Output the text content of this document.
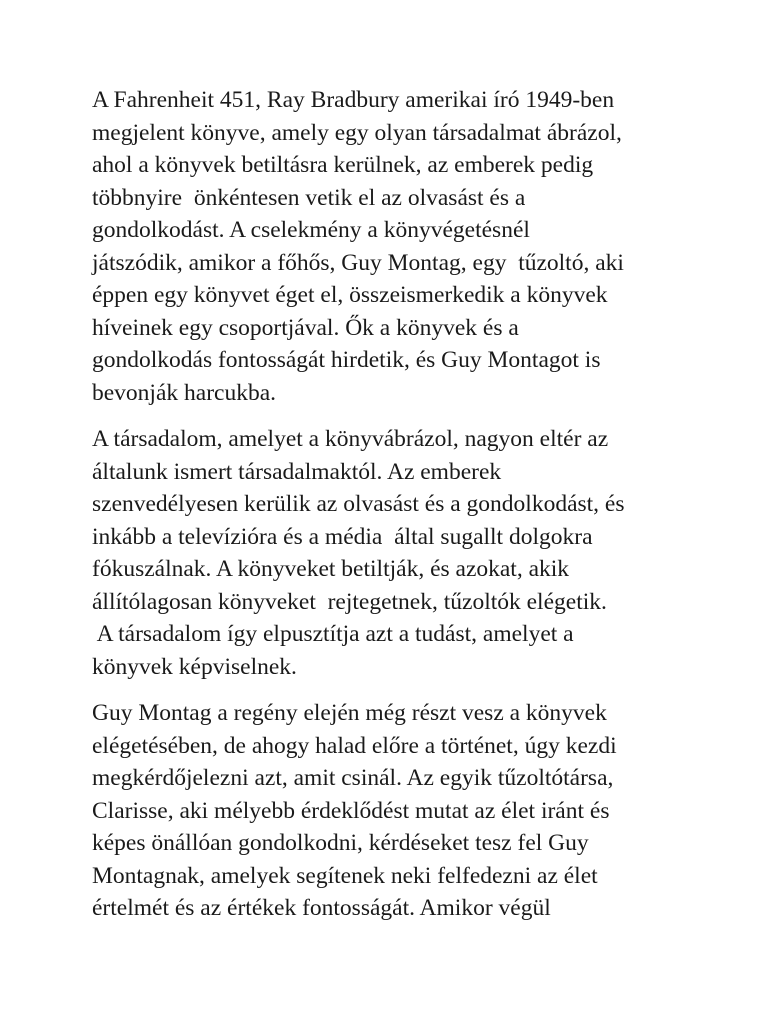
A Fahrenheit 451, Ray Bradbury amerikai író 1949-ben
megjelent könyve, amely egy olyan társadalmat ábrázol,
ahol a könyvek betiltásra kerülnek, az emberek pedig
többnyire  önkéntesen vetik el az olvasást és a
gondolkodást. A cselekmény a könyvégetésnél
játszódik, amikor a főhős, Guy Montag, egy  tűzoltó, aki
éppen egy könyvet éget el, összeismerkedik a könyvek
híveinek egy csoportjával. Ők a könyvek és a
gondolkodás fontosságát hirdetik, és Guy Montagot is
bevonják harcukba.

A társadalom, amelyet a könyvábrázol, nagyon eltér az
általunk ismert társadalmaktól. Az emberek
szenvedélyesen kerülik az olvasást és a gondolkodást, és
inkább a televízióra és a média  által sugallt dolgokra
fókuszálnak. A könyveket betiltják, és azokat, akik
állítólagosan könyveket  rejtegetnek, tűzoltók elégetik.
A társadalom így elpusztítja azt a tudást, amelyet a
könyvek képviselnek.

Guy Montag a regény elején még részt vesz a könyvek
elégetésében, de ahogy halad előre a történet, úgy kezdi
megkérdőjelezni azt, amit csinál. Az egyik tűzoltótársa,
Clarisse, aki mélyebb érdeklődést mutat az élet iránt és
képes önállóan gondolkodni, kérdéseket tesz fel Guy
Montagnak, amelyek segítenek neki felfedezni az élet
értelmét és az értékek fontosságát. Amikor végül
